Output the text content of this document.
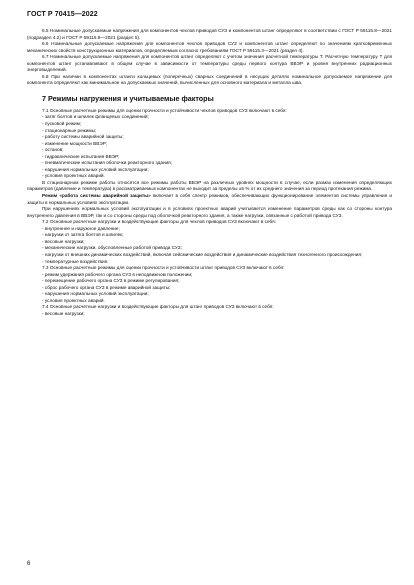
ГОСТ Р 70415—2022

6.5 Номинальные допускаемые напряжения для компонентов чехлов приводов СУЗ и компонентов штанг определяют в соответствии с ГОСТ Р 59115.8—2021 (подраздел 4.2) и ГОСТ Р 59115.9—2021 (раздел 5).

6.6 Номинальные допускаемые напряжения для компонентов чехлов приводов СУЗ и компонентов штанг определяют по значениям кратковременных механических свойств конструкционных материалов, определяемым согласно требованиям ГОСТ Р 59115.3—2021 (раздел 4).

6.7 Номинальные допускаемые напряжения для компонентов штанг определяют с учетом значения расчетной температуры Т. Расчетную температуру Т для компонентов штанг устанавливают в общем случае в зависимости от температуры среды первого контура ВВЭР и уровня внутренних радиационных энерговыделений.

6.8 При наличии в компонентах штанги кольцевых (поперечных) сварных соединений в несущих деталях номинальное допускаемое напряжение для компонента определяют как минимальное на допускаемых значений, вычисленных для основного материала и металла шва.

7 Режимы нагружения и учитываемые факторы

7.1 Основные расчетные режимы для оценки прочности и устойчивости чехлов приводов СУЗ включают в себя:

- затяг болтов и шпилек фланцевых соединений;

- пусковой режим;

- стационарные режимы;

- работу системы аварийной защиты;

- изменение мощности ВВЭР;

- останов;

- гидравлические испытания ВВЭР;

- пневматические испытания оболочки реакторного здания;

- нарушения нормальных условий эксплуатации;

- условия проектных аварий.

В стационарном режиме работы относятся все режимы работы ВВЭР на различных уровнях мощности в случае, если размах изменения определяющих параметров (давление и температура) в рассматриваемых компонентах не выходит за пределы ±5 % от их среднего значения за период протекания режима.

Режим «работа системы аварийной защиты» включает в себя спектр режимов, обеспечивающих функционирование элементов системы управления и защиты в нормальных условиях эксплуатации.

При нарушениях нормальных условий эксплуатации и в условиях проектных аварий учитывается изменение параметров среды как со стороны контура внутреннего давления в ВВЭР, так и со стороны среды под оболочкой реакторного здания, а также нагрузки, связанные с работой привода СУЗ.

7.2 Основные расчетные нагрузки и воздействующие факторы для чехлов приводов СУЗ включают в себя:

- внутреннее и наружное давление;

- нагрузки от затяга болтов и шпилек;

- весовые нагрузки;

- механические нагрузки, обусловленные работой привода СУЗ;

- нагрузки от внешних динамических воздействий, включая сейсмические воздействия и динамические воздействия техногенного происхождения;

- температурные воздействия.

7.3 Основные расчетные режимы для оценки прочности и устойчивости штанг приводов СУЗ включают в себя:

- режим удержания рабочего органа СУЗ в неподвижном положении;

- перемещение рабочего органа СУЗ в режиме регулирования;

- сброс рабочего органа СУЗ в режиме аварийной защиты;

- нарушения нормальных условий эксплуатации;

- условия проектных аварий.

7.4 Основные расчетные нагрузки и воздействующие факторы для штанг приводов СУЗ включают в себя:

- весовые нагрузки;

6
